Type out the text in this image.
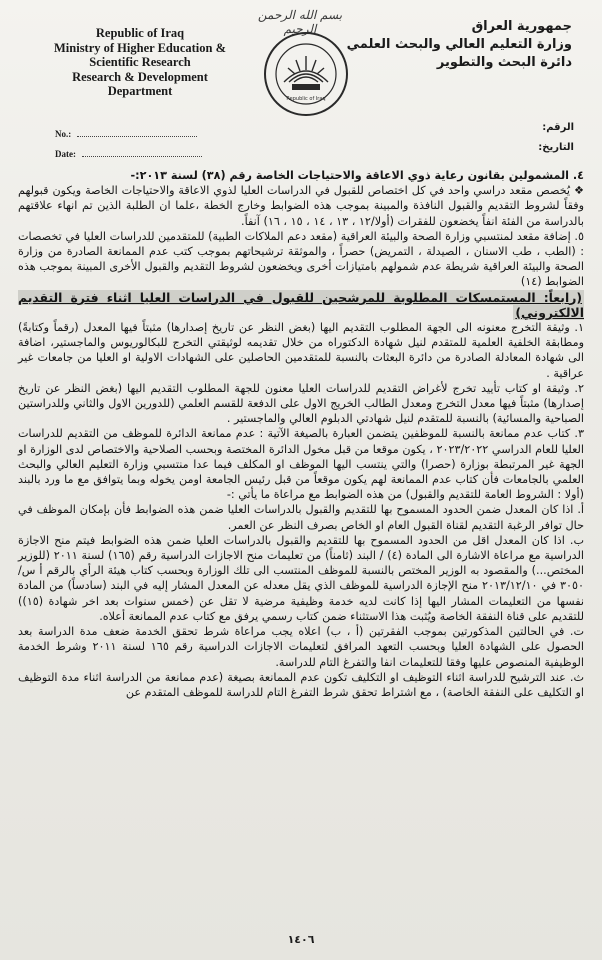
بسم الله الرحمن الرحيم
Republic of Iraq
Ministry of Higher Education &
Scientific Research
Research & Development
Department
Republic of Iraq
جمهورية العراق
وزارة التعليم العالي والبحث العلمي
دائرة البحث والتطوير
No.:
Date:
الرقم:
التاريخ:

٤. المشمولين بقانون رعاية ذوي الاعاقة والاحتياجات الخاصة رقم (٣٨) لسنة ٢٠١٣:-

❖ يُخصص مقعد دراسي واحد في كل اختصاص للقبول في الدراسات العليا لذوي الاعاقة والاحتياجات الخاصة ويكون قبولهم وفقاً لشروط التقديم والقبول النافذة والمبينة بموجب هذه الضوابط وخارج الخطة ،علما ان الطلبة الذين تم انهاء علاقتهم بالدراسة من الفئة انفاً يخضعون للفقرات (أولا/١٢ ، ١٣ ، ١٤ ، ١٥ ، ١٦) آنفاً.

٥. إضافة مقعد لمنتسبي وزارة الصحة والبيئة العراقية (مقعد دعم الملاكات الطبية) للمتقدمين للدراسات العليا في تخصصات : (الطب ، طب الاسنان ، الصيدلة ، التمريض) حصراً ، والموثقة ترشيحاتهم بموجب كتب عدم الممانعة الصادرة من وزارة الصحة والبيئة العراقية شريطة عدم شمولهم بامتيازات أخرى ويخضعون لشروط التقديم والقبول الأخرى المبينة بموجب هذه الضوابط (١٤)

(رابعاً: المستمسكات المطلوبة للمرشحين للقبول في الدراسات العليا اثناء فترة التقديم الالكتروني)

١. وثيقة التخرج معنونه الى الجهة المطلوب التقديم اليها (بغض النظر عن تاريخ إصدارها) مثبتاً فيها المعدل (رقماً وكتابةً) ومطابقة الخلفية العلمية للمتقدم لنيل شهادة الدكتوراه من خلال تقديمه لوثيقتي التخرج للبكالوريوس والماجستير، اضافة الى شهادة المعادلة الصادرة من دائرة البعثات بالنسبة للمتقدمين الحاصلين على الشهادات الاولية او العليا من جامعات غير عراقية .

٢. وثيقة او كتاب تأييد تخرج لأغراض التقديم للدراسات العليا معنون للجهة المطلوب التقديم اليها (بغض النظر عن تاريخ إصدارها) مثبتاً فيها معدل التخرج ومعدل الطالب الخريج الاول على الدفعة للقسم العلمي (للدورين الاول والثاني وللدراستين الصباحية والمسائية) بالنسبة للمتقدم لنيل شهادتي الدبلوم العالي والماجستير .

٣. كتاب عدم ممانعة بالنسبة للموظفين يتضمن العبارة بالصيغة الآتية : عدم ممانعة الدائرة للموظف من التقديم للدراسات العليا للعام الدراسي ٢٠٢٣/٢٠٢٢ ، يكون موقعا من قبل مخول الدائرة المختصة وبحسب الصلاحية والاختصاص لدى الوزارة او الجهة غير المرتبطة بوزارة (حصرا) والتي ينتسب اليها الموظف او المكلف فيما عدا منتسبي وزارة التعليم العالي والبحث العلمي بالجامعات فأن كتاب عدم الممانعة لهم يكون موقعاً من قبل رئيس الجامعة اومن يخوله وبما يتوافق مع ما ورد بالبند (أولا : الشروط العامة للتقديم والقبول) من هذه الضوابط مع مراعاة ما يأتي :-

أ. اذا كان المعدل ضمن الحدود المسموح بها للتقديم والقبول بالدراسات العليا ضمن هذه الضوابط فأن بإمكان الموظف في حال توافر الرغبة التقديم لقناة القبول العام او الخاص بصرف النظر عن العمر.

ب. اذا كان المعدل اقل من الحدود المسموح بها للتقديم والقبول بالدراسات العليا ضمن هذه الضوابط فيتم منح الاجازة الدراسية مع مراعاة الاشارة الى المادة (٤) / البند (ثامناً) من تعليمات منح الاجازات الدراسية رقم (١٦٥) لسنة ٢٠١١ (للوزير المختص...) والمقصود به الوزير المختص بالنسبة للموظف المنتسب الى تلك الوزارة وبحسب كتاب هيئة الرأي بالرقم أ س/٣٠٥٠ في ٢٠١٣/١٢/١٠ منح الإجازة الدراسية للموظف الذي يقل معدله عن المعدل المشار إليه في البند (سادساً) من المادة نفسها من التعليمات المشار اليها إذا كانت لديه خدمة وظيفية مرضية لا تقل عن (خمس سنوات بعد اخر شهادة (١٥)) للتقديم على قناة النفقة الخاصة ويُثبت هذا الاستثناء ضمن كتاب رسمي يرفق مع كتاب عدم الممانعة أعلاه.

ت. في الحالتين المذكورتين بموجب الفقرتين (أ ، ب) اعلاه يجب مراعاة شرط تحقق الخدمة ضعف مدة الدراسة بعد الحصول على الشهادة العليا وبحسب التعهد المرافق لتعليمات الاجازات الدراسية رقم ١٦٥ لسنة ٢٠١١ وشرط الخدمة الوظيفية المنصوص عليها وفقا للتعليمات انفا والتفرغ التام للدراسة.

ث. عند الترشيح للدراسة اثناء التوظيف او التكليف تكون عدم الممانعة بصيغة (عدم ممانعة من الدراسة اثناء مدة التوظيف او التكليف على النفقة الخاصة) ، مع اشتراط تحقق شرط التفرغ التام للدراسة للموظف المتقدم عن

١٤٠٦
